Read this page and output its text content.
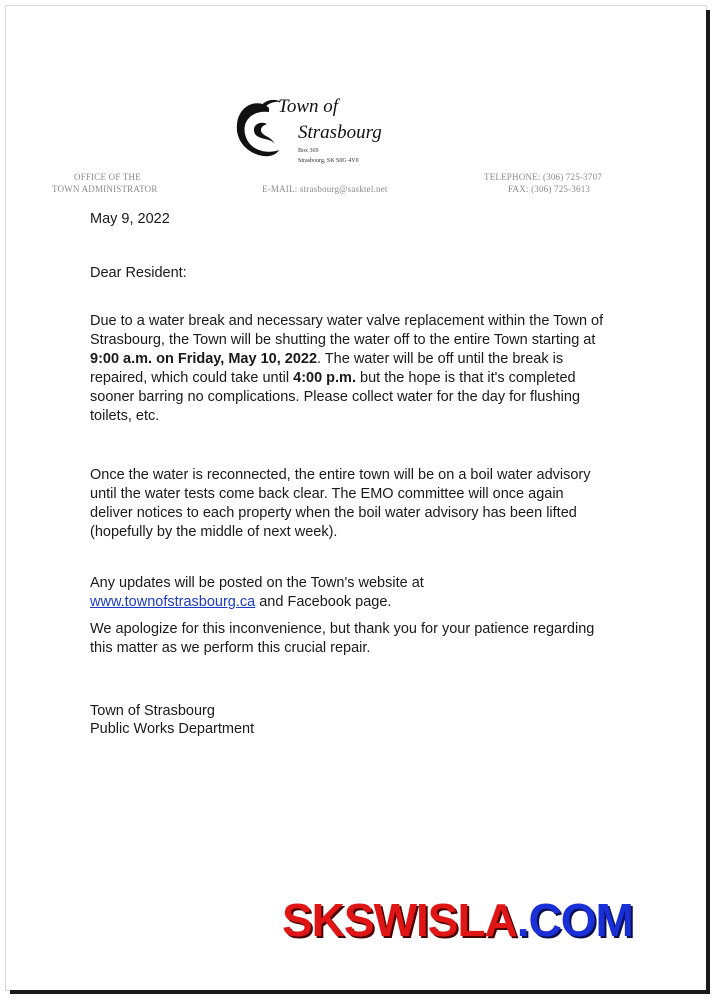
Town of
Strasbourg
Box 369
Strasbourg, SK S0G 4V0
OFFICE OF THE
TOWN ADMINISTRATOR	E-MAIL: strasbourg@sasktel.net
TELEPHONE: (306) 725-3707
FAX: (306) 725-3613
May 9, 2022
Dear Resident:
Due to a water break and necessary water valve replacement within the Town of Strasbourg, the Town will be shutting the water off to the entire Town starting at 9:00 a.m. on Friday, May 10, 2022. The water will be off until the break is repaired, which could take until 4:00 p.m. but the hope is that it's completed sooner barring no complications. Please collect water for the day for flushing toilets, etc.
Once the water is reconnected, the entire town will be on a boil water advisory until the water tests come back clear. The EMO committee will once again deliver notices to each property when the boil water advisory has been lifted (hopefully by the middle of next week).
Any updates will be posted on the Town's website at
www.townofstrasbourg.ca and Facebook page.
We apologize for this inconvenience, but thank you for your patience regarding this matter as we perform this crucial repair.
Town of Strasbourg
Public Works Department
SKSWISLA.COM
